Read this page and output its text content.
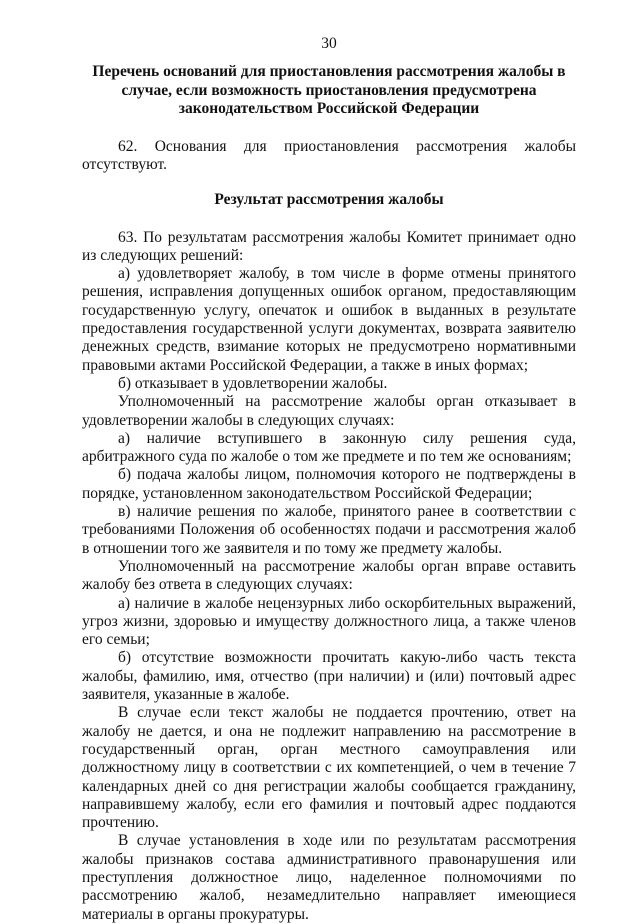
30
Перечень оснований для приостановления рассмотрения жалобы в
случае, если возможность приостановления предусмотрена
законодательством Российской Федерации

62. Основания для приостановления рассмотрения жалобы отсутствуют.

Результат рассмотрения жалобы

63. По результатам рассмотрения жалобы Комитет принимает одно из следующих решений:

а) удовлетворяет жалобу, в том числе в форме отмены принятого решения, исправления допущенных ошибок органом, предоставляющим государственную услугу, опечаток и ошибок в выданных в результате предоставления государственной услуги документах, возврата заявителю денежных средств, взимание которых не предусмотрено нормативными правовыми актами Российской Федерации, а также в иных формах;

б) отказывает в удовлетворении жалобы.

Уполномоченный на рассмотрение жалобы орган отказывает в удовлетворении жалобы в следующих случаях:

а) наличие вступившего в законную силу решения суда, арбитражного суда по жалобе о том же предмете и по тем же основаниям;

б) подача жалобы лицом, полномочия которого не подтверждены в порядке, установленном законодательством Российской Федерации;

в) наличие решения по жалобе, принятого ранее в соответствии с требованиями Положения об особенностях подачи и рассмотрения жалоб в отношении того же заявителя и по тому же предмету жалобы.

Уполномоченный на рассмотрение жалобы орган вправе оставить жалобу без ответа в следующих случаях:

а) наличие в жалобе нецензурных либо оскорбительных выражений, угроз жизни, здоровью и имуществу должностного лица, а также членов его семьи;

б) отсутствие возможности прочитать какую-либо часть текста жалобы, фамилию, имя, отчество (при наличии) и (или) почтовый адрес заявителя, указанные в жалобе.

В случае если текст жалобы не поддается прочтению, ответ на жалобу не дается, и она не подлежит направлению на рассмотрение в государственный орган, орган местного самоуправления или должностному лицу в соответствии с их компетенцией, о чем в течение 7 календарных дней со дня регистрации жалобы сообщается гражданину, направившему жалобу, если его фамилия и почтовый адрес поддаются прочтению.

В случае установления в ходе или по результатам рассмотрения жалобы признаков состава административного правонарушения или преступления должностное лицо, наделенное полномочиями по рассмотрению жалоб, незамедлительно направляет имеющиеся материалы в органы прокуратуры.
